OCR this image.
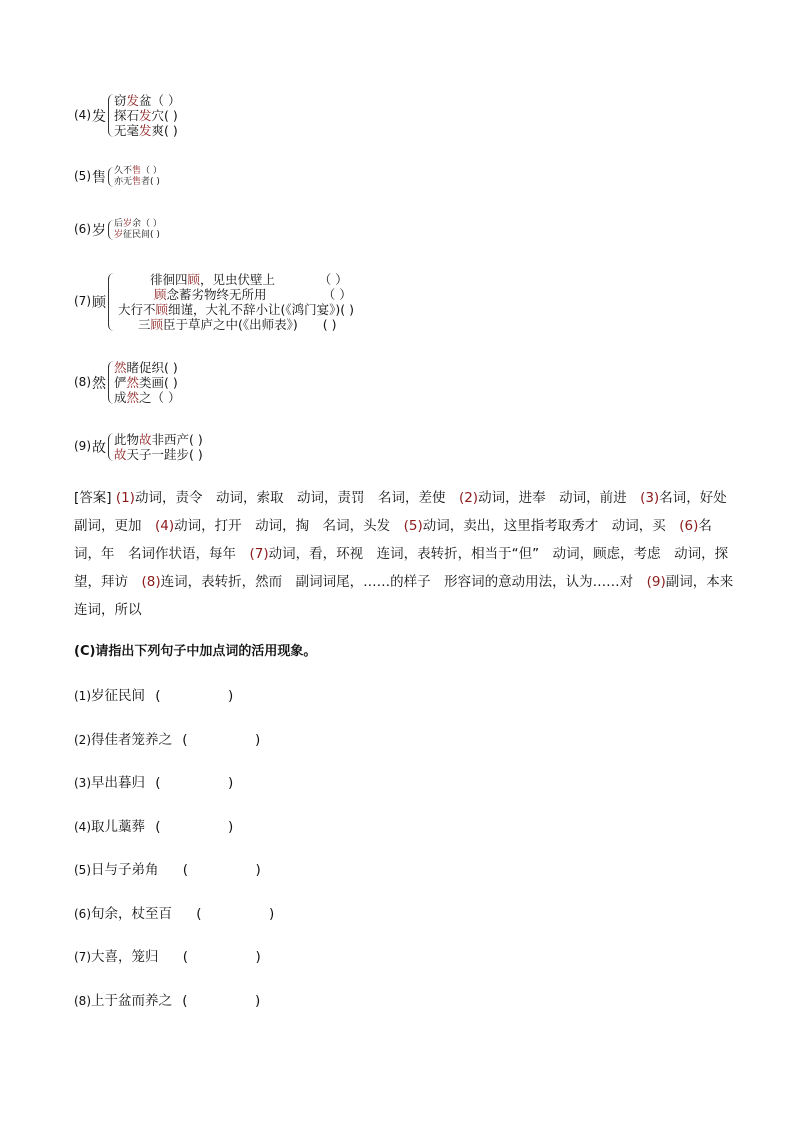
(4) 发
窃发盆（ ）
探石发穴( )
无毫发爽( )
(5) 售 久不售（ ）
亦无售者( )
(6) 岁 后岁余（ ）
岁征民间( )
(7) 顾
徘徊四顾，见虫伏壁上　　　　（ ）
顾念蓄劣物终无所用　　　　　（ ）
大行不顾细谨，大礼不辞小让(《鸿门宴》)( )
三顾臣于草庐之中(《出师表》)　　( )
(8) 然
然睹促织( )
俨然类画( )
成然之（ ）
(9) 故
此物故非西产( )
故天子一跬步( )
[答案] (1)动词，责令　动词，索取　动词，责罚　名词，差使　(2)动词，进奉　动词，前进　(3)名词，好处　副词，更加　(4)动词，打开　动词，掏　名词，头发　(5)动词，卖出，这里指考取秀才　动词，买　(6)名词，年　名词作状语，每年　(7)动词，看，环视　连词，表转折，相当于“但”　动词，顾虑，考虑　动词，探望，拜访　(8)连词，表转折，然而　副词词尾，……的样子　形容词的意动用法，认为……对　(9)副词，本来　连词，所以
(C)请指出下列句子中加点词的活用现象。
(1)岁征民间 (　　　　　)
(2)得佳者笼养之 (　　　　　)
(3)早出暮归 (　　　　　)
(4)取儿藁葬 (　　　　　)
(5)日与子弟角 (　　　　　)
(6)旬余，杖至百 (　　　　　)
(7)大喜，笼归 (　　　　　)
(8)上于盆而养之 (　　　　　)
